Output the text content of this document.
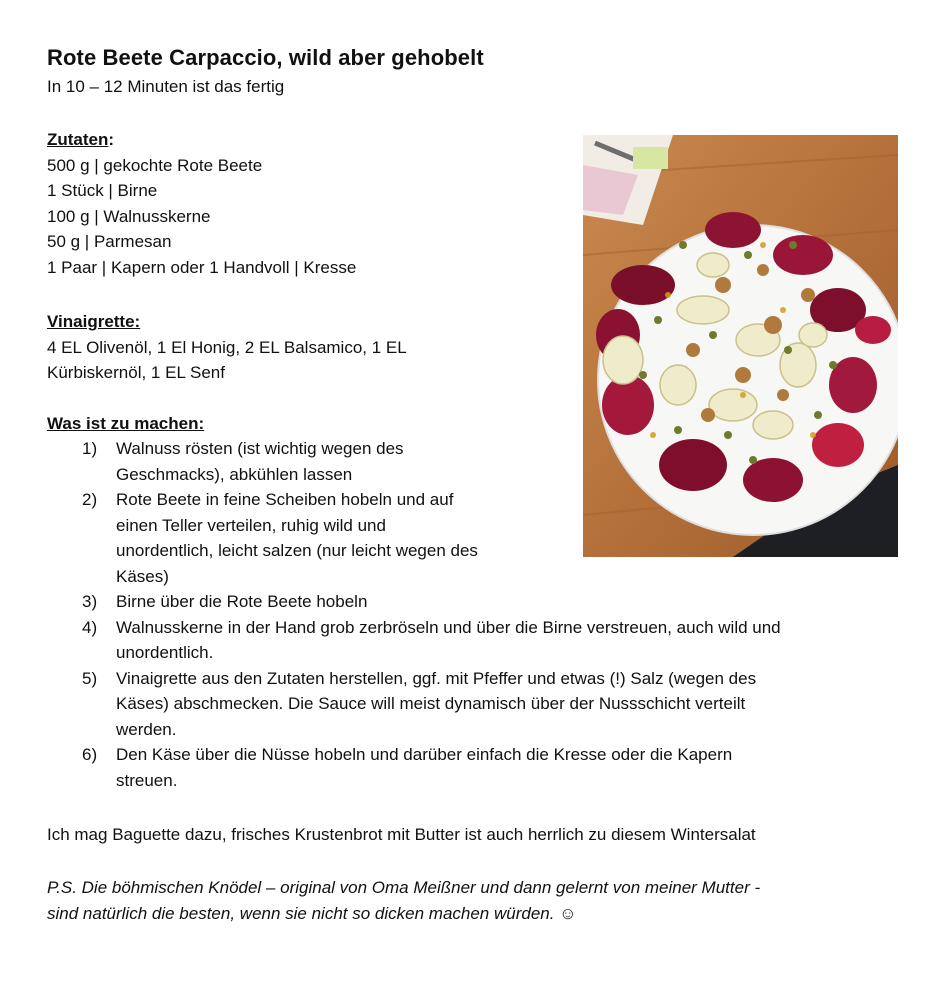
Rote Beete Carpaccio, wild aber gehobelt
In 10 – 12 Minuten ist das fertig
Zutaten:
500 g | gekochte Rote Beete
1 Stück | Birne
100 g | Walnusskerne
50 g | Parmesan
1 Paar | Kapern oder 1 Handvoll | Kresse
Vinaigrette:
4 EL Olivenöl, 1 El Honig, 2 EL Balsamico, 1 EL
Kürbiskernöl, 1 EL Senf
Was ist zu machen:
1)	Walnuss rösten (ist wichtig wegen des
Geschmacks), abkühlen lassen
2)	Rote Beete in feine Scheiben hobeln und auf
einen Teller verteilen, ruhig wild und
unordentlich, leicht salzen (nur leicht wegen des
Käses)
3)	Birne über die Rote Beete hobeln
4)	Walnusskerne in der Hand grob zerbröseln und über die Birne verstreuen, auch wild und
unordentlich.
5)	Vinaigrette aus den Zutaten herstellen, ggf. mit Pfeffer und etwas (!) Salz (wegen des
Käses) abschmecken. Die Sauce will meist dynamisch über der Nussschicht verteilt
werden.
6)	Den Käse über die Nüsse hobeln und darüber einfach die Kresse oder die Kapern
streuen.
Ich mag Baguette dazu, frisches Krustenbrot mit Butter ist auch herrlich zu diesem Wintersalat
P.S. Die böhmischen Knödel – original von Oma Meißner und dann gelernt von meiner Mutter -
sind natürlich die besten, wenn sie nicht so dicken machen würden. ☺
